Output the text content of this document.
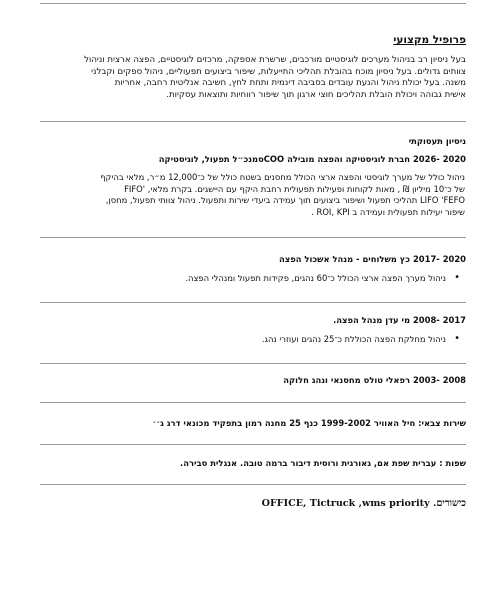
פרופיל מקצועי
בעל ניסיון רב בניהול מערכים לוגיסטיים מורכבים, שרשרת אספקה, מרכזים לוגיסטיים, הפצה ארצית וניהול
צוותים גדולים. בעל ניסיון מוכח בהובלת תהליכי התייעלות, שיפור ביצועים תפעוליים, ניהול ספקים וקבלני
משנה. בעל יכולת ניהול והנעת עובדים בסביבה דינמית ותחת לחץ, חשיבה אנליטית רחבה, אחריות
אישית גבוהה ויכולת הובלת תהליכים חוצי ארגון תוך שיפור רווחיות ותוצאות עסקיות.
ניסיון תעסוקתי
2020 -2026 חברת לוגיסטיקה והפצה מובילה COOסמנכ״ל תפעול, לוגיסטיקה
ניהול כולל של מערך לוגיסטי והפצה ארצי הכולל מחסנים בשטח כולל של כ־12,000 מ״ר, מלאי בהיקף
של כ־10 מיליון ₪ , מאות לקוחות ופעילות תפעולית רחבת היקף עם היישגים. בקרת מלאי, 'FIFO
LIFO 'FEFO תהליכי תפעול ושיפור ביצועים תוך עמידה ביעדי שירות ותפעול. ניהול צוותי תפעול, מחסן,
שיפור יעילות תפעולית ועמידה ב ROI, KPI .
2020 -2017 כץ משלוחים - מנהל אשכול הפצה
• ניהול מערך הפצה ארצי הכולל כ־60 נהגים, פקידות תפעול ומנהלי הפצה.
2017 -2008 מי עדן מנהל הפצה.
• ניהול מחלקת הפצה הכוללת כ־25 נהגים ועוזרי נהג.
2008 -2003 רפאלי טולס מחסנאי ונהג חלוקה
שירות צבאי: חיל האוויר 1999-2002 כנף 25 מחנה רמון בתפקיד מכונאי דרג ג׳׳
שפות : עברית שפת אם, גאורגית ורוסית דיבור ברמה טובה. אנגלית סבירה.
כישורים. OFFICE, Tictruck ,wms priority
